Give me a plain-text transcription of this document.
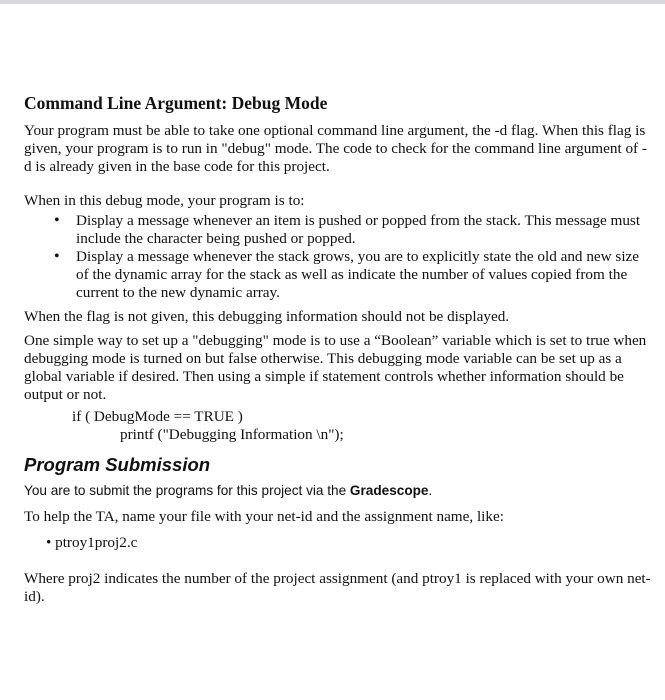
Command Line Argument: Debug Mode

Your program must be able to take one optional command line argument, the -d flag. When this flag is given, your program is to run in "debug" mode. The code to check for the command line argument of -d is already given in the base code for this project.

When in this debug mode, your program is to:

• Display a message whenever an item is pushed or popped from the stack. This message must include the character being pushed or popped.
• Display a message whenever the stack grows, you are to explicitly state the old and new size of the dynamic array for the stack as well as indicate the number of values copied from the current to the new dynamic array.

When the flag is not given, this debugging information should not be displayed.

One simple way to set up a "debugging" mode is to use a “Boolean” variable which is set to true when debugging mode is turned on but false otherwise. This debugging mode variable can be set up as a global variable if desired. Then using a simple if statement controls whether information should be output or not.

if ( DebugMode == TRUE )
printf ("Debugging Information \n");
Program Submission

You are to submit the programs for this project via the Gradescope.

To help the TA, name your file with your net-id and the assignment name, like:

• ptroy1proj2.c

Where proj2 indicates the number of the project assignment (and ptroy1 is replaced with your own net-id).
